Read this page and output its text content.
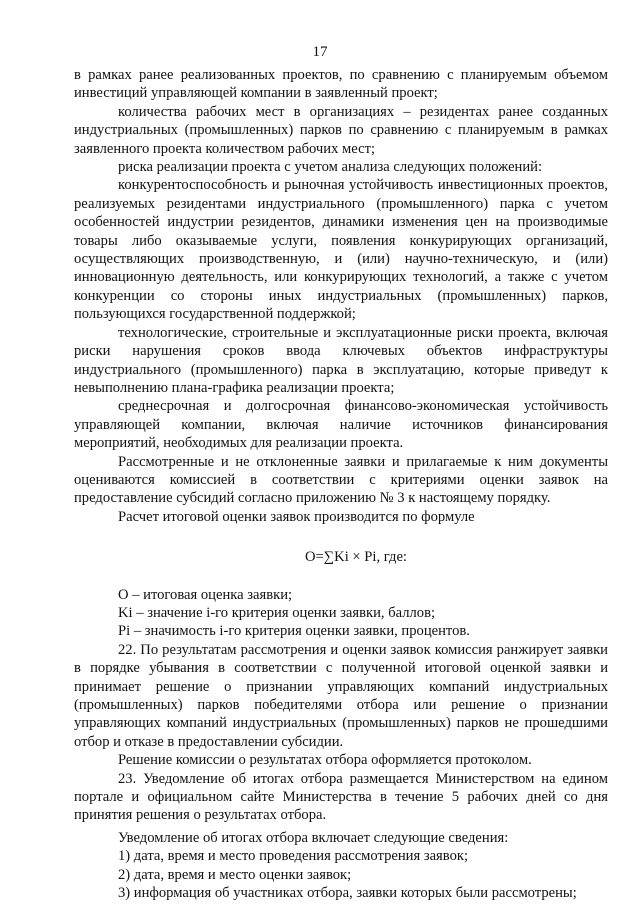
17

в рамках ранее реализованных проектов, по сравнению с планируемым объемом инвестиций управляющей компании в заявленный проект;

количества рабочих мест в организациях – резидентах ранее созданных индустриальных (промышленных) парков по сравнению с планируемым в рамках заявленного проекта количеством рабочих мест;

риска реализации проекта с учетом анализа следующих положений:

конкурентоспособность и рыночная устойчивость инвестиционных проектов, реализуемых резидентами индустриального (промышленного) парка с учетом особенностей индустрии резидентов, динамики изменения цен на производимые товары либо оказываемые услуги, появления конкурирующих организаций, осуществляющих производственную, и (или) научно-техническую, и (или) инновационную деятельность, или конкурирующих технологий, а также с учетом конкуренции со стороны иных индустриальных (промышленных) парков, пользующихся государственной поддержкой;

технологические, строительные и эксплуатационные риски проекта, включая риски нарушения сроков ввода ключевых объектов инфраструктуры индустриального (промышленного) парка в эксплуатацию, которые приведут к невыполнению плана-графика реализации проекта;

среднесрочная и долгосрочная финансово-экономическая устойчивость управляющей компании, включая наличие источников финансирования мероприятий, необходимых для реализации проекта.

Рассмотренные и не отклоненные заявки и прилагаемые к ним документы оцениваются комиссией в соответствии с критериями оценки заявок на предоставление субсидий согласно приложению № 3 к настоящему порядку.

Расчет итоговой оценки заявок производится по формуле

О=∑Ki × Pi, где:

О – итоговая оценка заявки;

Ki – значение i-го критерия оценки заявки, баллов;

Pi – значимость i-го критерия оценки заявки, процентов.

22. По результатам рассмотрения и оценки заявок комиссия ранжирует заявки в порядке убывания в соответствии с полученной итоговой оценкой заявки и принимает решение о признании управляющих компаний индустриальных (промышленных) парков победителями отбора или решение о признании управляющих компаний индустриальных (промышленных) парков не прошедшими отбор и отказе в предоставлении субсидии.

Решение комиссии о результатах отбора оформляется протоколом.

23. Уведомление об итогах отбора размещается Министерством на едином портале и официальном сайте Министерства в течение 5 рабочих дней со дня принятия решения о результатах отбора.

Уведомление об итогах отбора включает следующие сведения:

1) дата, время и место проведения рассмотрения заявок;

2) дата, время и место оценки заявок;

3) информация об участниках отбора, заявки которых были рассмотрены;
